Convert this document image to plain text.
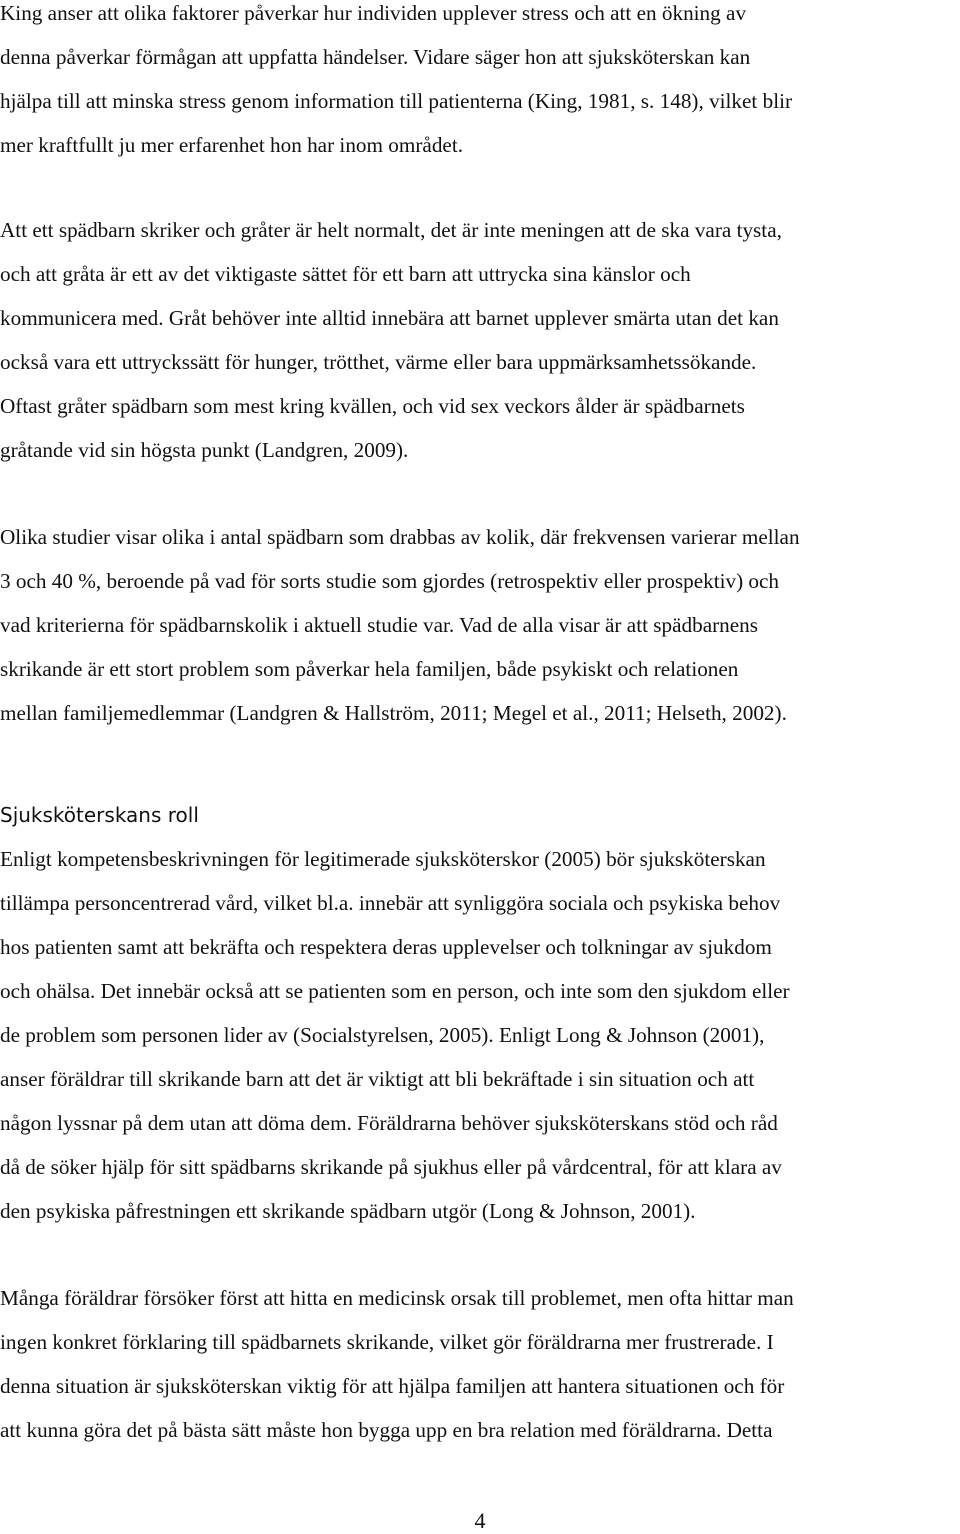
King anser att olika faktorer påverkar hur individen upplever stress och att en ökning av
denna påverkar förmågan att uppfatta händelser. Vidare säger hon att sjuksköterskan kan
hjälpa till att minska stress genom information till patienterna (King, 1981, s. 148), vilket blir
mer kraftfullt ju mer erfarenhet hon har inom området.
Att ett spädbarn skriker och gråter är helt normalt, det är inte meningen att de ska vara tysta,
och att gråta är ett av det viktigaste sättet för ett barn att uttrycka sina känslor och
kommunicera med. Gråt behöver inte alltid innebära att barnet upplever smärta utan det kan
också vara ett uttryckssätt för hunger, trötthet, värme eller bara uppmärksamhetssökande.
Oftast gråter spädbarn som mest kring kvällen, och vid sex veckors ålder är spädbarnets
gråtande vid sin högsta punkt (Landgren, 2009).
Olika studier visar olika i antal spädbarn som drabbas av kolik, där frekvensen varierar mellan
3 och 40 %, beroende på vad för sorts studie som gjordes (retrospektiv eller prospektiv) och
vad kriterierna för spädbarnskolik i aktuell studie var. Vad de alla visar är att spädbarnens
skrikande är ett stort problem som påverkar hela familjen, både psykiskt och relationen
mellan familjemedlemmar (Landgren & Hallström, 2011; Megel et al., 2011; Helseth, 2002).
Sjuksköterskans roll
Enligt kompetensbeskrivningen för legitimerade sjuksköterskor (2005) bör sjuksköterskan
tillämpa personcentrerad vård, vilket bl.a. innebär att synliggöra sociala och psykiska behov
hos patienten samt att bekräfta och respektera deras upplevelser och tolkningar av sjukdom
och ohälsa. Det innebär också att se patienten som en person, och inte som den sjukdom eller
de problem som personen lider av (Socialstyrelsen, 2005). Enligt Long & Johnson (2001),
anser föräldrar till skrikande barn att det är viktigt att bli bekräftade i sin situation och att
någon lyssnar på dem utan att döma dem. Föräldrarna behöver sjuksköterskans stöd och råd
då de söker hjälp för sitt spädbarns skrikande på sjukhus eller på vårdcentral, för att klara av
den psykiska påfrestningen ett skrikande spädbarn utgör (Long & Johnson, 2001).
Många föräldrar försöker först att hitta en medicinsk orsak till problemet, men ofta hittar man
ingen konkret förklaring till spädbarnets skrikande, vilket gör föräldrarna mer frustrerade. I
denna situation är sjuksköterskan viktig för att hjälpa familjen att hantera situationen och för
att kunna göra det på bästa sätt måste hon bygga upp en bra relation med föräldrarna. Detta
4
